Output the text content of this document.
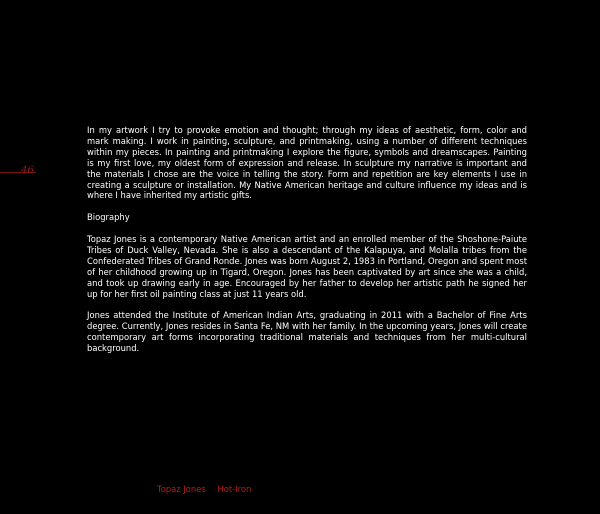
46

In my artwork I try to provoke emotion and thought; through my ideas of aesthetic, form, color and mark making. I work in painting, sculpture, and printmaking, using a number of different techniques within my pieces. In painting and printmaking I explore the figure, symbols and dreamscapes. Painting is my first love, my oldest form of expression and release. In sculpture my narrative is important and the materials I chose are the voice in telling the story. Form and repetition are key elements I use in creating a sculpture or installation. My Native American heritage and culture influence my ideas and is where I have inherited my artistic gifts.

Biography

Topaz Jones is a contemporary Native American artist and an enrolled member of the Shoshone-Paiute Tribes of Duck Valley, Nevada. She is also a descendant of the Kalapuya, and Molalla tribes from the Confederated Tribes of Grand Ronde. Jones was born August 2, 1983 in Portland, Oregon and spent most of her childhood growing up in Tigard, Oregon. Jones has been captivated by art since she was a child, and took up drawing early in age. Encouraged by her father to develop her artistic path he signed her up for her first oil painting class at just 11 years old.

Jones attended the Institute of American Indian Arts, graduating in 2011 with a Bachelor of Fine Arts degree. Currently, Jones resides in Santa Fe, NM with her family. In the upcoming years, Jones will create contemporary art forms incorporating traditional materials and techniques from her multi-cultural background.

Topaz Jones Hot-Iron
